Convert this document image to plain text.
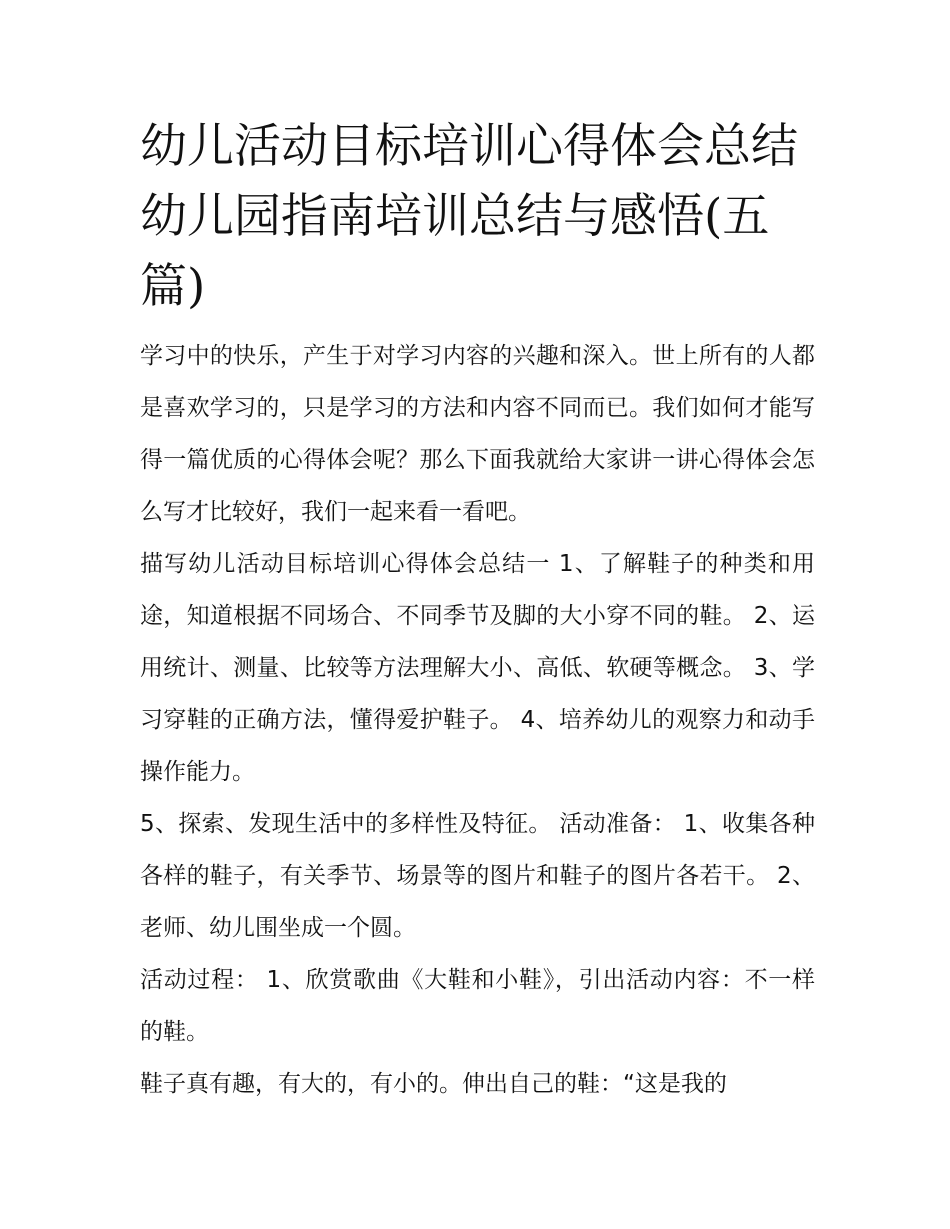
幼儿活动目标培训心得体会总结 幼儿园指南培训总结与感悟(五篇)

学习中的快乐，产生于对学习内容的兴趣和深入。世上所有的人都是喜欢学习的，只是学习的方法和内容不同而已。我们如何才能写得一篇优质的心得体会呢？那么下面我就给大家讲一讲心得体会怎么写才比较好，我们一起来看一看吧。

描写幼儿活动目标培训心得体会总结一 1、了解鞋子的种类和用途，知道根据不同场合、不同季节及脚的大小穿不同的鞋。 2、运用统计、测量、比较等方法理解大小、高低、软硬等概念。 3、学习穿鞋的正确方法，懂得爱护鞋子。 4、培养幼儿的观察力和动手操作能力。

5、探索、发现生活中的多样性及特征。 活动准备： 1、收集各种各样的鞋子，有关季节、场景等的图片和鞋子的图片各若干。 2、老师、幼儿围坐成一个圆。

活动过程： 1、欣赏歌曲《大鞋和小鞋》，引出活动内容：不一样的鞋。

鞋子真有趣，有大的，有小的。伸出自己的鞋：“这是我的
